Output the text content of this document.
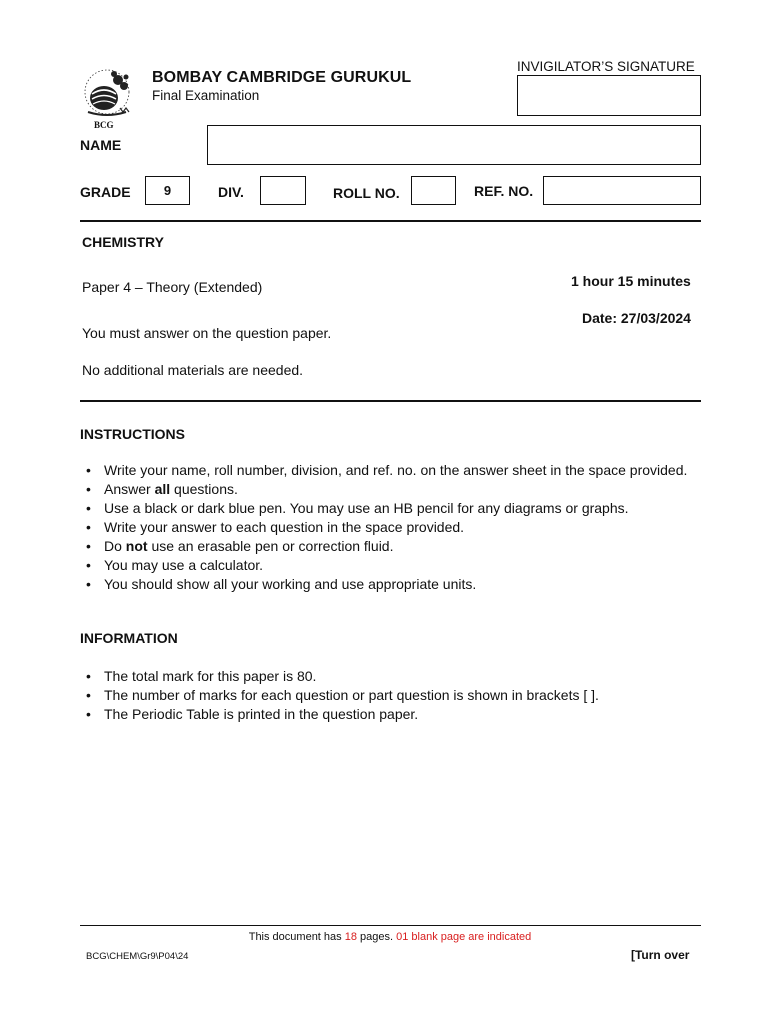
BCG
BOMBAY CAMBRIDGE GURUKUL
Final Examination
INVIGILATOR’S SIGNATURE
NAME
GRADE	9	DIV.	ROLL NO.	REF. NO.
CHEMISTRY
Paper 4 – Theory (Extended)	1 hour 15 minutes
Date: 27/03/2024
You must answer on the question paper.
No additional materials are needed.
INSTRUCTIONS
• Write your name, roll number, division, and ref. no. on the answer sheet in the space provided.
• Answer all questions.
• Use a black or dark blue pen. You may use an HB pencil for any diagrams or graphs.
• Write your answer to each question in the space provided.
• Do not use an erasable pen or correction fluid.
• You may use a calculator.
• You should show all your working and use appropriate units.
INFORMATION
• The total mark for this paper is 80.
• The number of marks for each question or part question is shown in brackets [ ].
• The Periodic Table is printed in the question paper.
This document has 18 pages. 01 blank page are indicated
BCG\CHEM\Gr9\P04\24	[Turn over
